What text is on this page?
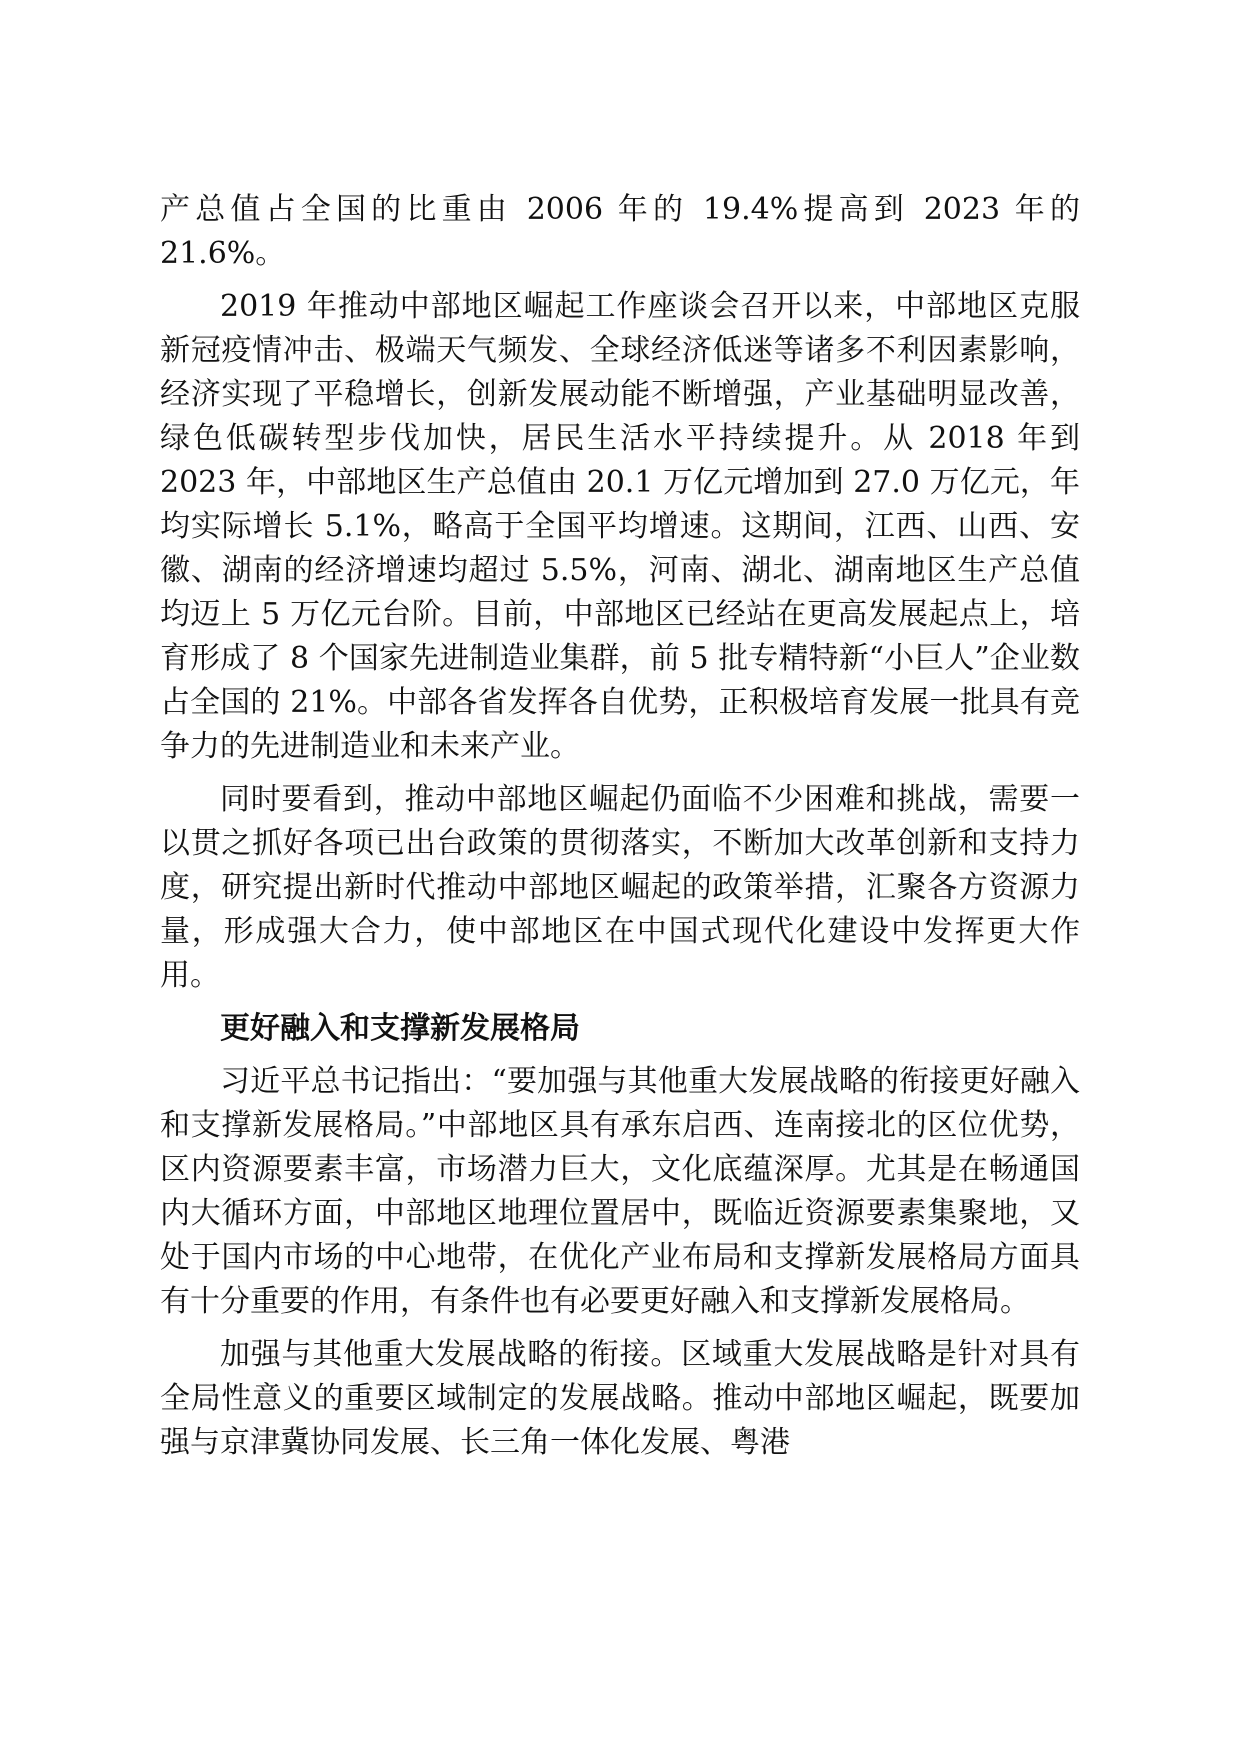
产总值占全国的比重由 2006 年的 19.4%提高到 2023 年的 21.6%。

2019 年推动中部地区崛起工作座谈会召开以来，中部地区克服新冠疫情冲击、极端天气频发、全球经济低迷等诸多不利因素影响，经济实现了平稳增长，创新发展动能不断增强，产业基础明显改善，绿色低碳转型步伐加快，居民生活水平持续提升。从 2018 年到 2023 年，中部地区生产总值由 20.1 万亿元增加到 27.0 万亿元，年均实际增长 5.1%，略高于全国平均增速。这期间，江西、山西、安徽、湖南的经济增速均超过 5.5%，河南、湖北、湖南地区生产总值均迈上 5 万亿元台阶。目前，中部地区已经站在更高发展起点上，培育形成了 8 个国家先进制造业集群，前 5 批专精特新“小巨人”企业数占全国的 21%。中部各省发挥各自优势，正积极培育发展一批具有竞争力的先进制造业和未来产业。

同时要看到，推动中部地区崛起仍面临不少困难和挑战，需要一以贯之抓好各项已出台政策的贯彻落实，不断加大改革创新和支持力度，研究提出新时代推动中部地区崛起的政策举措，汇聚各方资源力量，形成强大合力，使中部地区在中国式现代化建设中发挥更大作用。

更好融入和支撑新发展格局

习近平总书记指出：“要加强与其他重大发展战略的衔接更好融入和支撑新发展格局。”中部地区具有承东启西、连南接北的区位优势，区内资源要素丰富，市场潜力巨大，文化底蕴深厚。尤其是在畅通国内大循环方面，中部地区地理位置居中，既临近资源要素集聚地，又处于国内市场的中心地带，在优化产业布局和支撑新发展格局方面具有十分重要的作用，有条件也有必要更好融入和支撑新发展格局。

加强与其他重大发展战略的衔接。区域重大发展战略是针对具有全局性意义的重要区域制定的发展战略。推动中部地区崛起，既要加强与京津冀协同发展、长三角一体化发展、粤港
